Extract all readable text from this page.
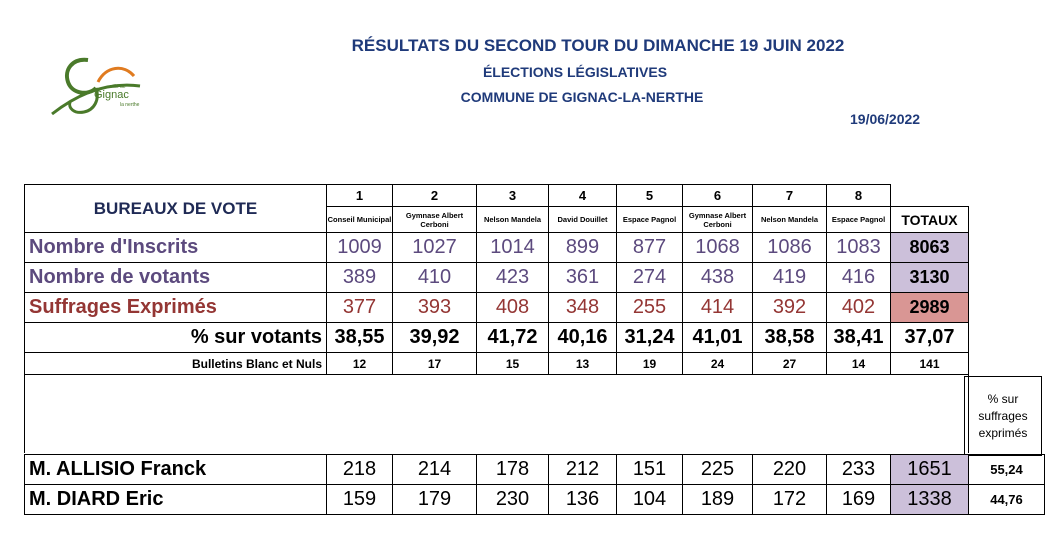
ville de
Gignac
la nerthe
RÉSULTATS DU SECOND TOUR DU DIMANCHE 19 JUIN 2022
ÉLECTIONS LÉGISLATIVES
COMMUNE DE GIGNAC-LA-NERTHE
19/06/2022
BUREAUX DE VOTE	1	2	3	4	5	6	7	8	
	Conseil Municipal	Gymnase Albert Cerboni	Nelson Mandela	David Douillet	Espace Pagnol	Gymnase Albert Cerboni	Nelson Mandela	Espace Pagnol	TOTAUX
Nombre d'Inscrits	1009	1027	1014	899	877	1068	1086	1083	8063
Nombre de votants	389	410	423	361	274	438	419	416	3130
Suffrages Exprimés	377	393	408	348	255	414	392	402	2989
% sur votants	38,55	39,92	41,72	40,16	31,24	41,01	38,58	38,41	37,07
Bulletins Blanc et Nuls	12	17	15	13	19	24	27	14	141

% sur suffrages exprimés
M. ALLISIO Franck	218	214	178	212	151	225	220	233	1651	55,24
M. DIARD Eric	159	179	230	136	104	189	172	169	1338	44,76
